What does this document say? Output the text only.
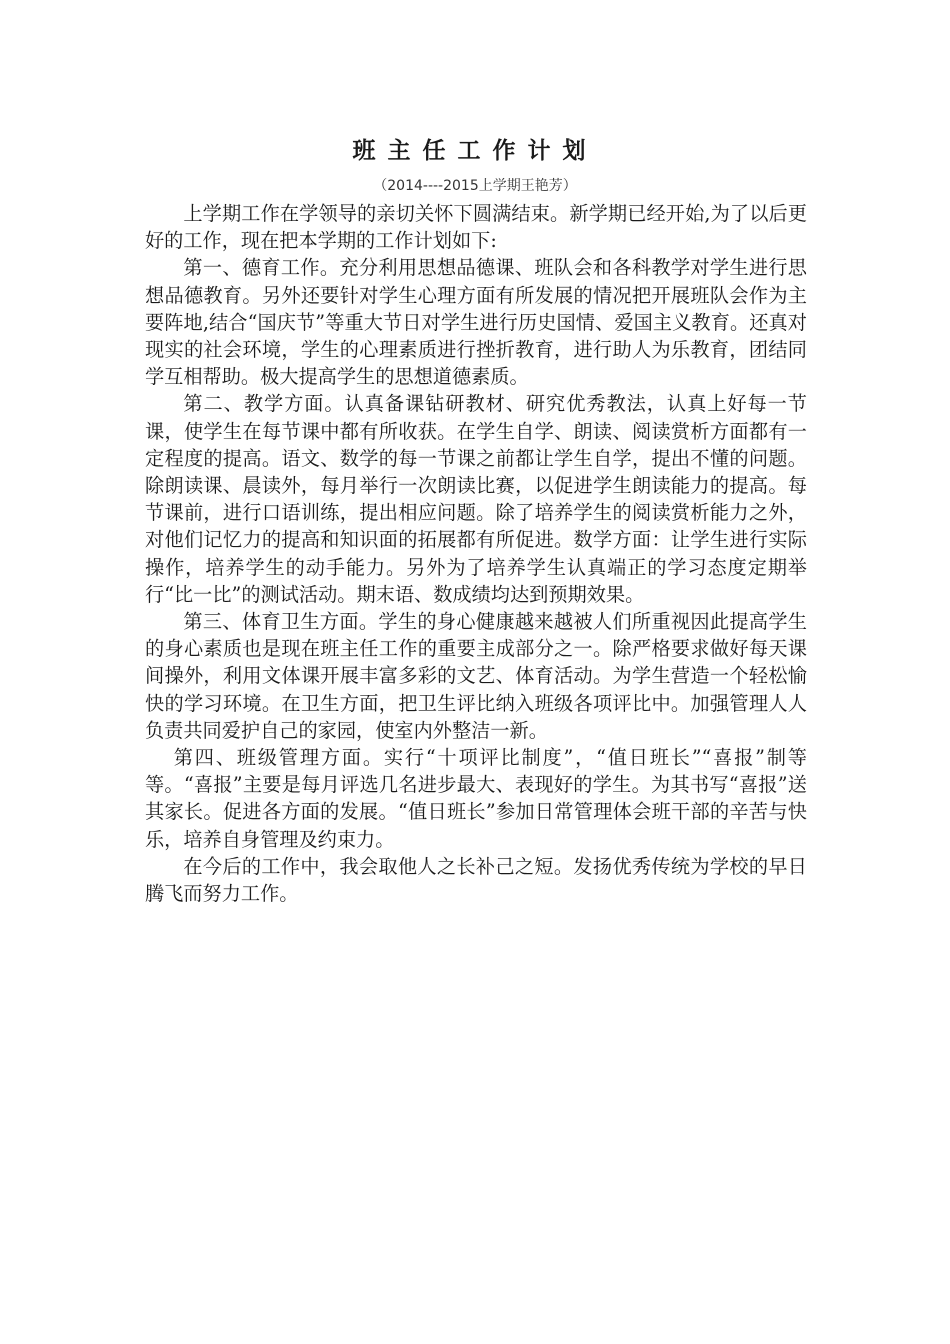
班主任工作计划
（2014----2015上学期王艳芳）

上学期工作在学领导的亲切关怀下圆满结束。新学期已经开始,为了以后更好的工作，现在把本学期的工作计划如下:

第一、德育工作。充分利用思想品德课、班队会和各科教学对学生进行思想品德教育。另外还要针对学生心理方面有所发展的情况把开展班队会作为主要阵地,结合“国庆节”等重大节日对学生进行历史国情、爱国主义教育。还真对现实的社会环境，学生的心理素质进行挫折教育，进行助人为乐教育，团结同学互相帮助。极大提高学生的思想道德素质。

第二、教学方面。认真备课钻研教材、研究优秀教法，认真上好每一节课，使学生在每节课中都有所收获。在学生自学、朗读、阅读赏析方面都有一定程度的提高。语文、数学的每一节课之前都让学生自学，提出不懂的问题。除朗读课、晨读外，每月举行一次朗读比赛，以促进学生朗读能力的提高。每节课前，进行口语训练，提出相应问题。除了培养学生的阅读赏析能力之外，对他们记忆力的提高和知识面的拓展都有所促进。数学方面：让学生进行实际操作，培养学生的动手能力。另外为了培养学生认真端正的学习态度定期举行“比一比”的测试活动。期末语、数成绩均达到预期效果。

第三、体育卫生方面。学生的身心健康越来越被人们所重视因此提高学生的身心素质也是现在班主任工作的重要主成部分之一。除严格要求做好每天课间操外，利用文体课开展丰富多彩的文艺、体育活动。为学生营造一个轻松愉快的学习环境。在卫生方面，把卫生评比纳入班级各项评比中。加强管理人人负责共同爱护自己的家园，使室内外整洁一新。

第四、班级管理方面。实行“十项评比制度”，“值日班长”“喜报”制等等。“喜报”主要是每月评选几名进步最大、表现好的学生。为其书写“喜报”送其家长。促进各方面的发展。“值日班长”参加日常管理体会班干部的辛苦与快乐，培养自身管理及约束力。

在今后的工作中，我会取他人之长补己之短。发扬优秀传统为学校的早日腾飞而努力工作。
